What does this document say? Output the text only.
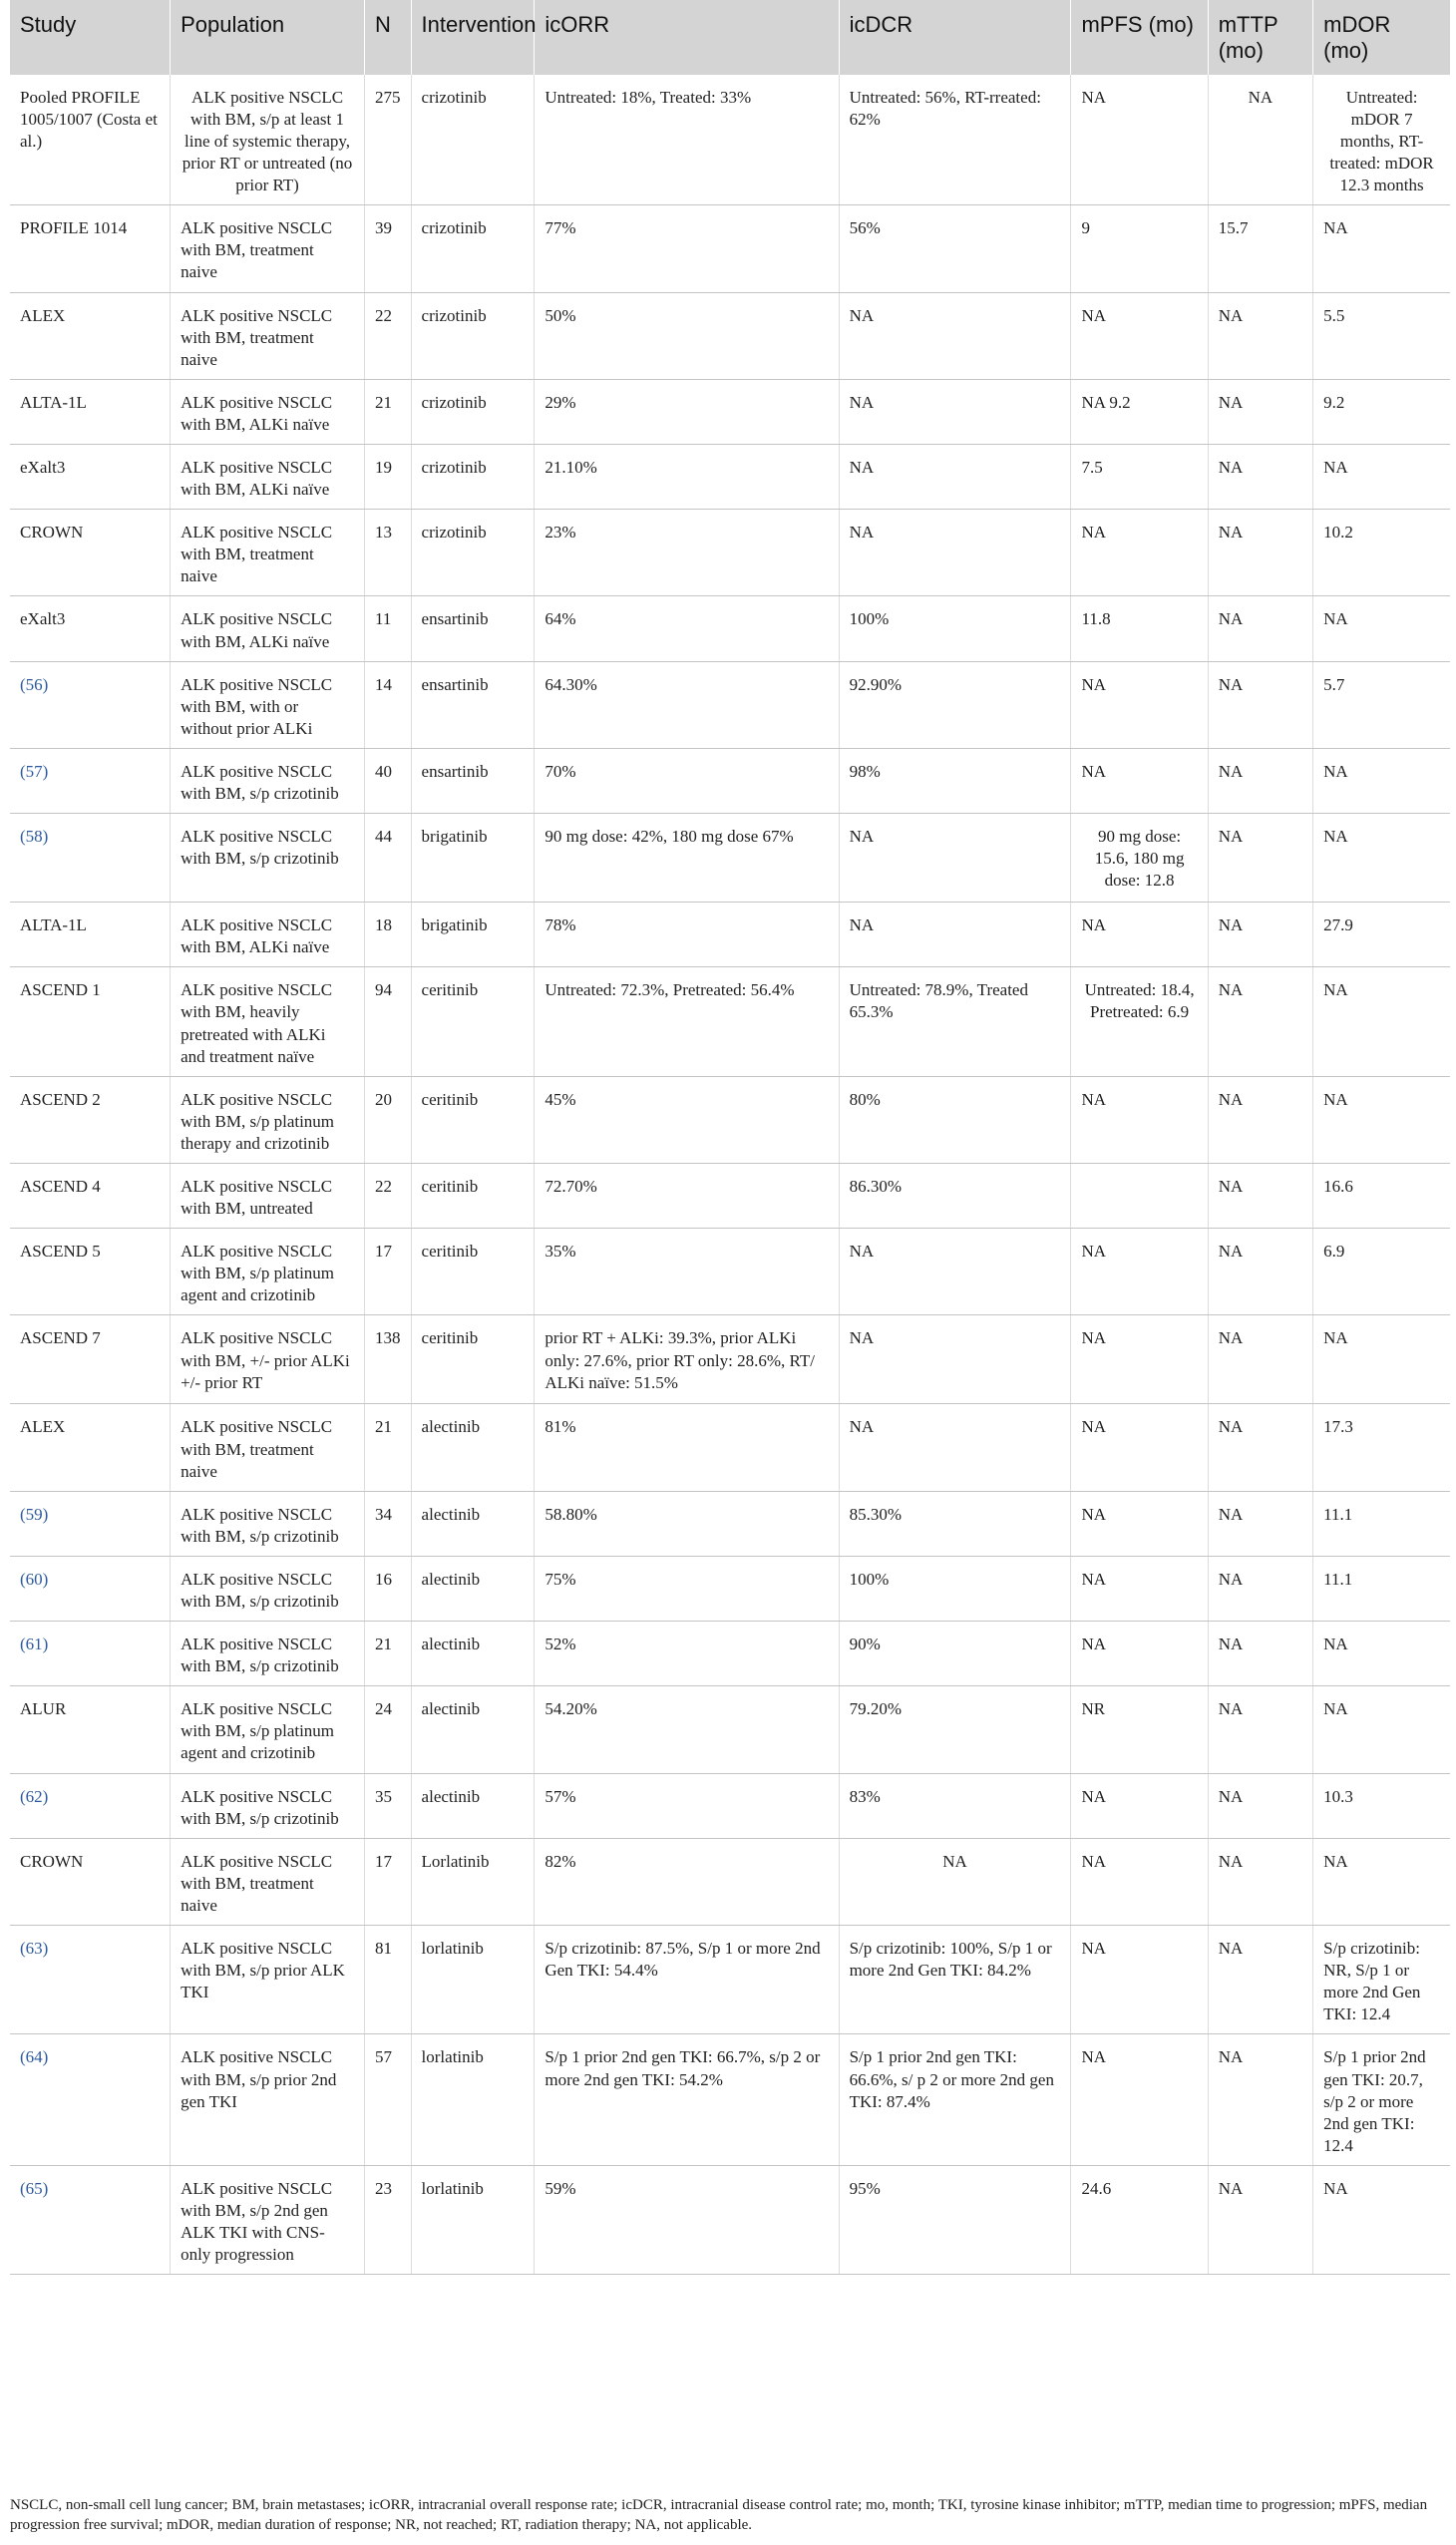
Study	Population	N	Intervention	icORR	icDCR	mPFS (mo)	mTTP (mo)	mDOR (mo)
Pooled PROFILE 1005/1007 (Costa et al.)	ALK positive NSCLC with BM, s/p at least 1 line of systemic therapy, prior RT or untreated (no prior RT)	275	crizotinib	Untreated: 18%, Treated: 33%	Untreated: 56%, RT-rreated: 62%	NA	NA	Untreated: mDOR 7 months, RT-treated: mDOR 12.3 months
PROFILE 1014	ALK positive NSCLC with BM, treatment naive	39	crizotinib	77%	56%	9	15.7	NA
ALEX	ALK positive NSCLC with BM, treatment naive	22	crizotinib	50%	NA	NA	NA	5.5
ALTA-1L	ALK positive NSCLC with BM, ALKi naïve	21	crizotinib	29%	NA	NA 9.2	NA	9.2
eXalt3	ALK positive NSCLC with BM, ALKi naïve	19	crizotinib	21.10%	NA	7.5	NA	NA
CROWN	ALK positive NSCLC with BM, treatment naive	13	crizotinib	23%	NA	NA	NA	10.2
eXalt3	ALK positive NSCLC with BM, ALKi naïve	11	ensartinib	64%	100%	11.8	NA	NA
(56)	ALK positive NSCLC with BM, with or without prior ALKi	14	ensartinib	64.30%	92.90%	NA	NA	5.7
(57)	ALK positive NSCLC with BM, s/p crizotinib	40	ensartinib	70%	98%	NA	NA	NA
(58)	ALK positive NSCLC with BM, s/p crizotinib	44	brigatinib	90 mg dose: 42%, 180 mg dose 67%	NA	90 mg dose: 15.6, 180 mg dose: 12.8	NA	NA
ALTA-1L	ALK positive NSCLC with BM, ALKi naïve	18	brigatinib	78%	NA	NA	NA	27.9
ASCEND 1	ALK positive NSCLC with BM, heavily pretreated with ALKi and treatment naïve	94	ceritinib	Untreated: 72.3%, Pretreated: 56.4%	Untreated: 78.9%, Treated 65.3%	Untreated: 18.4, Pretreated: 6.9	NA	NA
ASCEND 2	ALK positive NSCLC with BM, s/p platinum therapy and crizotinib	20	ceritinib	45%	80%	NA	NA	NA
ASCEND 4	ALK positive NSCLC with BM, untreated	22	ceritinib	72.70%	86.30%		NA	16.6
ASCEND 5	ALK positive NSCLC with BM, s/p platinum agent and crizotinib	17	ceritinib	35%	NA	NA	NA	6.9
ASCEND 7	ALK positive NSCLC with BM, +/- prior ALKi +/- prior RT	138	ceritinib	prior RT + ALKi: 39.3%, prior ALKi only: 27.6%, prior RT only: 28.6%, RT/ ALKi naïve: 51.5%	NA	NA	NA	NA
ALEX	ALK positive NSCLC with BM, treatment naive	21	alectinib	81%	NA	NA	NA	17.3
(59)	ALK positive NSCLC with BM, s/p crizotinib	34	alectinib	58.80%	85.30%	NA	NA	11.1
(60)	ALK positive NSCLC with BM, s/p crizotinib	16	alectinib	75%	100%	NA	NA	11.1
(61)	ALK positive NSCLC with BM, s/p crizotinib	21	alectinib	52%	90%	NA	NA	NA
ALUR	ALK positive NSCLC with BM, s/p platinum agent and crizotinib	24	alectinib	54.20%	79.20%	NR	NA	NA
(62)	ALK positive NSCLC with BM, s/p crizotinib	35	alectinib	57%	83%	NA	NA	10.3
CROWN	ALK positive NSCLC with BM, treatment naive	17	Lorlatinib	82%	NA	NA	NA	NA
(63)	ALK positive NSCLC with BM, s/p prior ALK TKI	81	lorlatinib	S/p crizotinib: 87.5%, S/p 1 or more 2nd Gen TKI: 54.4%	S/p crizotinib: 100%, S/p 1 or more 2nd Gen TKI: 84.2%	NA	NA	S/p crizotinib: NR, S/p 1 or more 2nd Gen TKI: 12.4
(64)	ALK positive NSCLC with BM, s/p prior 2nd gen TKI	57	lorlatinib	S/p 1 prior 2nd gen TKI: 66.7%, s/p 2 or more 2nd gen TKI: 54.2%	S/p 1 prior 2nd gen TKI: 66.6%, s/ p 2 or more 2nd gen TKI: 87.4%	NA	NA	S/p 1 prior 2nd gen TKI: 20.7, s/p 2 or more 2nd gen TKI: 12.4
(65)	ALK positive NSCLC with BM, s/p 2nd gen ALK TKI with CNS-only progression	23	lorlatinib	59%	95%	24.6	NA	NA
NSCLC, non-small cell lung cancer; BM, brain metastases; icORR, intracranial overall response rate; icDCR, intracranial disease control rate; mo, month; TKI, tyrosine kinase inhibitor; mTTP, median time to progression; mPFS, median progression free survival; mDOR, median duration of response; NR, not reached; RT, radiation therapy; NA, not applicable.
